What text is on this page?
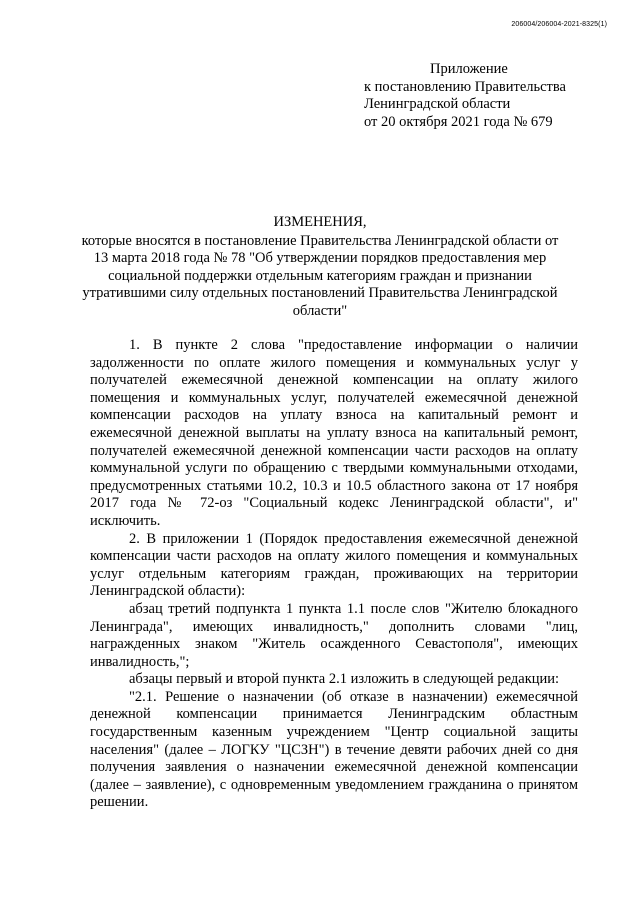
206004/206004-2021-8325(1)
Приложение
к постановлению Правительства
Ленинградской области
от 20 октября 2021 года № 679
ИЗМЕНЕНИЯ,
которые вносятся в постановление Правительства Ленинградской области от 13 марта 2018 года № 78 "Об утверждении порядков предоставления мер социальной поддержки отдельным категориям граждан и признании утратившими силу отдельных постановлений Правительства Ленинградской области"

1. В пункте 2 слова "предоставление информации о наличии задолженности по оплате жилого помещения и коммунальных услуг у получателей ежемесячной денежной компенсации на оплату жилого помещения и коммунальных услуг, получателей ежемесячной денежной компенсации расходов на уплату взноса на капитальный ремонт и ежемесячной денежной выплаты на уплату взноса на капитальный ремонт, получателей ежемесячной денежной компенсации части расходов на оплату коммунальной услуги по обращению с твердыми коммунальными отходами, предусмотренных статьями 10.2, 10.3 и 10.5 областного закона от 17 ноября 2017 года № 72-оз "Социальный кодекс Ленинградской области", и" исключить.

2. В приложении 1 (Порядок предоставления ежемесячной денежной компенсации части расходов на оплату жилого помещения и коммунальных услуг отдельным категориям граждан, проживающих на территории Ленинградской области):

абзац третий подпункта 1 пункта 1.1 после слов "Жителю блокадного Ленинграда", имеющих инвалидность," дополнить словами "лиц, награжденных знаком "Житель осажденного Севастополя", имеющих инвалидность,";

абзацы первый и второй пункта 2.1 изложить в следующей редакции:

"2.1. Решение о назначении (об отказе в назначении) ежемесячной денежной компенсации принимается Ленинградским областным государственным казенным учреждением "Центр социальной защиты населения" (далее – ЛОГКУ "ЦСЗН") в течение девяти рабочих дней со дня получения заявления о назначении ежемесячной денежной компенсации (далее – заявление), с одновременным уведомлением гражданина о принятом решении.
